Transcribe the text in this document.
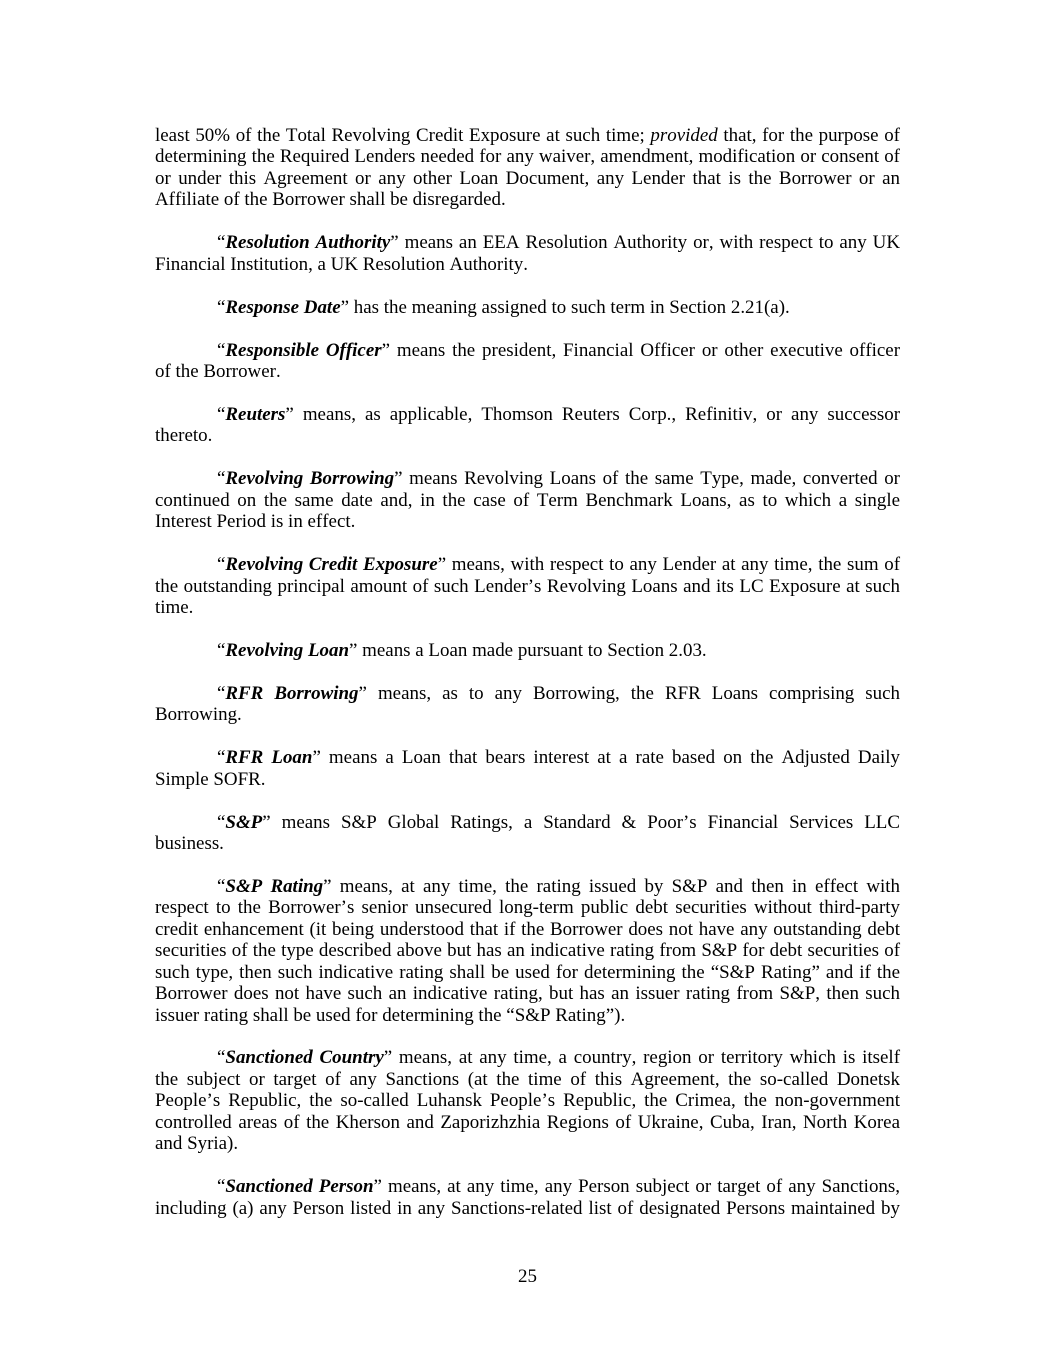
least 50% of the Total Revolving Credit Exposure at such time; provided that, for the purpose of
determining the Required Lenders needed for any waiver, amendment, modification or consent of
or under this Agreement or any other Loan Document, any Lender that is the Borrower or an
Affiliate of the Borrower shall be disregarded.
“Resolution Authority” means an EEA Resolution Authority or, with respect to any UK
Financial Institution, a UK Resolution Authority.
“Response Date” has the meaning assigned to such term in Section 2.21(a).
“Responsible Officer” means the president, Financial Officer or other executive officer
of the Borrower.
“Reuters” means, as applicable, Thomson Reuters Corp., Refinitiv, or any successor
thereto.
“Revolving Borrowing” means Revolving Loans of the same Type, made, converted or
continued on the same date and, in the case of Term Benchmark Loans, as to which a single
Interest Period is in effect.
“Revolving Credit Exposure” means, with respect to any Lender at any time, the sum of
the outstanding principal amount of such Lender’s Revolving Loans and its LC Exposure at such
time.
“Revolving Loan” means a Loan made pursuant to Section 2.03.
“RFR Borrowing” means, as to any Borrowing, the RFR Loans comprising such
Borrowing.
“RFR Loan” means a Loan that bears interest at a rate based on the Adjusted Daily
Simple SOFR.
“S&P” means S&P Global Ratings, a Standard & Poor’s Financial Services LLC
business.
“S&P Rating” means, at any time, the rating issued by S&P and then in effect with
respect to the Borrower’s senior unsecured long-term public debt securities without third-party
credit enhancement (it being understood that if the Borrower does not have any outstanding debt
securities of the type described above but has an indicative rating from S&P for debt securities of
such type, then such indicative rating shall be used for determining the “S&P Rating” and if the
Borrower does not have such an indicative rating, but has an issuer rating from S&P, then such
issuer rating shall be used for determining the “S&P Rating”).
“Sanctioned Country” means, at any time, a country, region or territory which is itself
the subject or target of any Sanctions (at the time of this Agreement, the so-called Donetsk
People’s Republic, the so-called Luhansk People’s Republic, the Crimea, the non-government
controlled areas of the Kherson and Zaporizhzhia Regions of Ukraine, Cuba, Iran, North Korea
and Syria).
“Sanctioned Person” means, at any time, any Person subject or target of any Sanctions,
including (a) any Person listed in any Sanctions-related list of designated Persons maintained by
25
